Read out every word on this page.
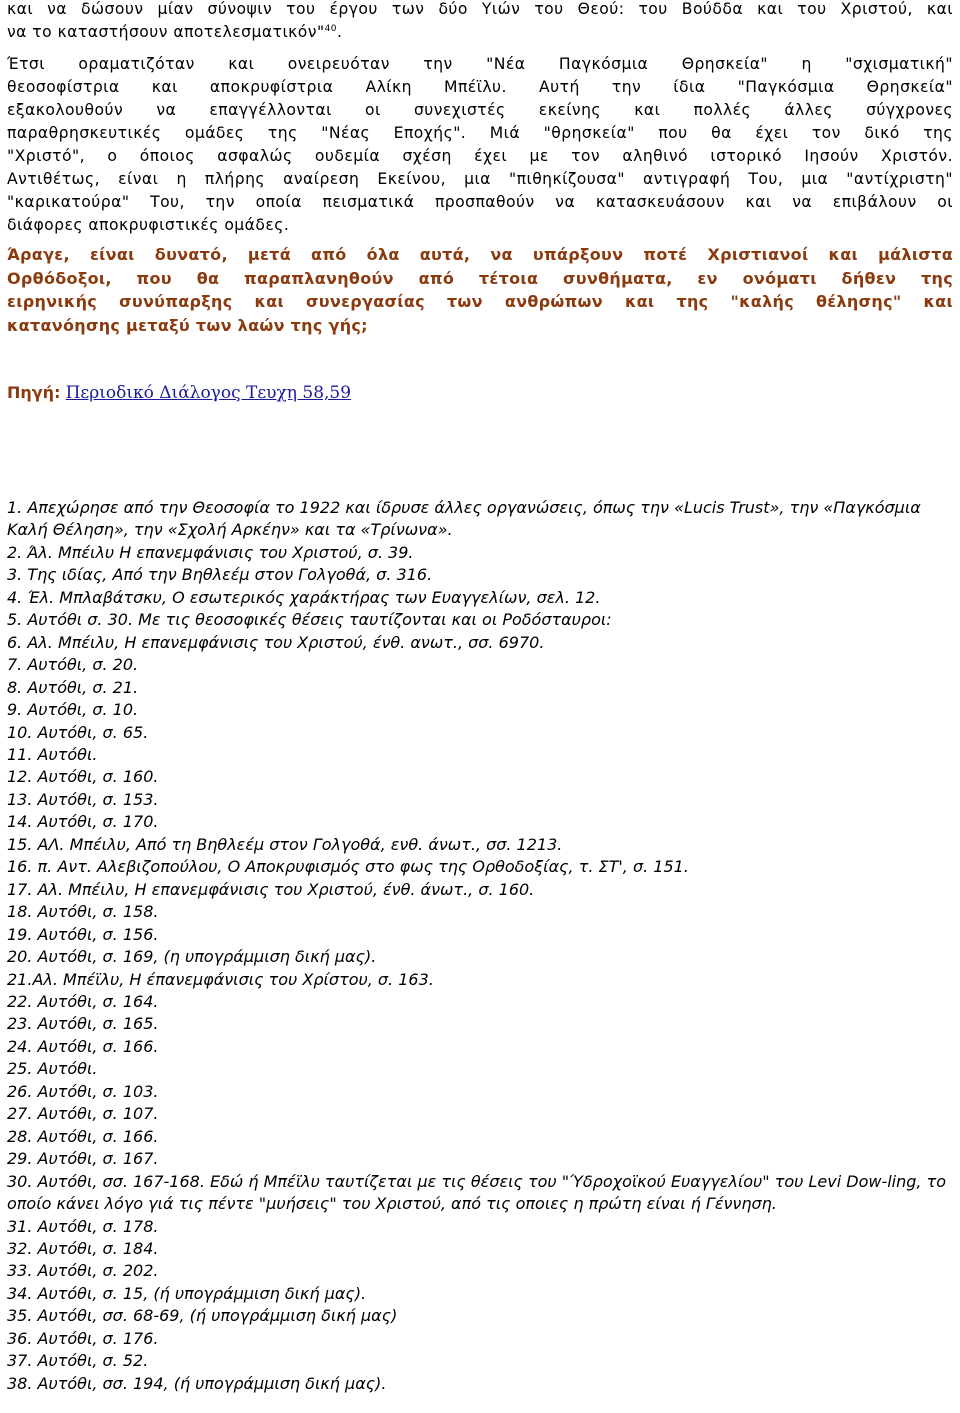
και να δώσουν μίαν σύνοψιν του έργου των δύο Υιών του Θεού: του Βούδδα και του Χριστού, και
να το καταστήσουν αποτελεσματικόν"$^{40}$.
Έτσι οραματιζόταν και ονειρευόταν την "Νέα Παγκόσμια Θρησκεία" η "σχισματική"
θεοσοφίστρια και αποκρυφίστρια Αλίκη Μπέϊλυ. Αυτή την ίδια "Παγκόσμια Θρησκεία"
εξακολουθούν να επαγγέλλονται οι συνεχιστές εκείνης και πολλές άλλες σύγχρονες
παραθρησκευτικές ομάδες της "Νέας Εποχής". Μιά "θρησκεία" που θα έχει τον δικό της
"Χριστό", ο όποιος ασφαλώς ουδεμία σχέση έχει με τον αληθινό ιστορικό Ιησούν Χριστόν.
Αντιθέτως, είναι η πλήρης αναίρεση Εκείνου, μια "πιθηκίζουσα" αντιγραφή Του, μια "αντίχριστη"
"καρικατούρα" Του, την οποία πεισματικά προσπαθούν να κατασκευάσουν και να επιβάλουν οι
διάφορες αποκρυφιστικές ομάδες.
Άραγε, είναι δυνατό, μετά από όλα αυτά, να υπάρξουν ποτέ Χριστιανοί και μάλιστα
Ορθόδοξοι, που θα παραπλανηθούν από τέτοια συνθήματα, εν ονόματι δήθεν της
ειρηνικής συνύπαρξης και συνεργασίας των ανθρώπων και της "καλής θέλησης" και
κατανόησης μεταξύ των λαών της γής;
Πηγή: Περιοδικό Διάλογος Τευχη 58,59
1. Απεχώρησε από την Θεοσοφία το 1922 και ίδρυσε άλλες οργανώσεις, όπως την «Lucis Trust», την «Παγκόσμια Καλή Θέληση», την «Σχολή Αρκέην» και τα «Τρίνωνα».
2. Άλ. Μπέιλυ Η επανεμφάνισις του Χριστού, σ. 39.
3. Της ιδίας, Από την Βηθλεέμ στον Γολγοθά, σ. 316.
4. Έλ. Μπλαβάτσκυ, Ο εσωτερικός χαράκτήρας των Ευαγγελίων, σελ. 12.
5. Αυτόθι σ. 30. Με τις θεοσοφικές θέσεις ταυτίζονται και οι Ροδόσταυροι:
6. Αλ. Μπέιλυ, Η επανεμφάνισις του Χριστού, ένθ. ανωτ., σσ. 6970.
7. Αυτόθι, σ. 20.
8. Αυτόθι, σ. 21.
9. Αυτόθι, σ. 10.
10. Αυτόθι, σ. 65.
11. Αυτόθι.
12. Αυτόθι, σ. 160.
13. Αυτόθι, σ. 153.
14. Αυτόθι, σ. 170.
15. ΑΛ. Μπέιλυ, Από τη Βηθλεέμ στον Γολγοθά, ενθ. άνωτ., σσ. 1213.
16. π. Αντ. Αλεβιζοπούλου, Ο Αποκρυφισμός στο φως της Ορθοδοξίας, τ. ΣΤ', σ. 151.
17. Αλ. Μπέιλυ, Η επανεμφάνισις του Χριστού, ένθ. άνωτ., σ. 160.
18. Αυτόθι, σ. 158.
19. Αυτόθι, σ. 156.
20. Αυτόθι, σ. 169, (η υπογράμμιση δική μας).
21.Αλ. Μπέϊλυ, Η έπανεμφάνισις του Χρίστου, σ. 163.
22. Αυτόθι, σ. 164.
23. Αυτόθι, σ. 165.
24. Αυτόθι, σ. 166.
25. Αυτόθι.
26. Αυτόθι, σ. 103.
27. Αυτόθι, σ. 107.
28. Αυτόθι, σ. 166.
29. Αυτόθι, σ. 167.
30. Αυτόθι, σσ. 167-168. Εδώ ή Μπέϊλυ ταυτίζεται με τις θέσεις του "Ύδροχοϊκού Ευαγγελίου" του Levi Dow-ling, το οποίο κάνει λόγο γιά τις πέντε "μυήσεις" του Χριστού, από τις οποιες η πρώτη είναι ή Γέννηση.
31. Αυτόθι, σ. 178.
32. Αυτόθι, σ. 184.
33. Αυτόθι, σ. 202.
34. Αυτόθι, σ. 15, (ή υπογράμμιση δική μας).
35. Αυτόθι, σσ. 68-69, (ή υπογράμμιση δική μας)
36. Αυτόθι, σ. 176.
37. Αυτόθι, σ. 52.
38. Αυτόθι, σσ. 194, (ή υπογράμμιση δική μας).
